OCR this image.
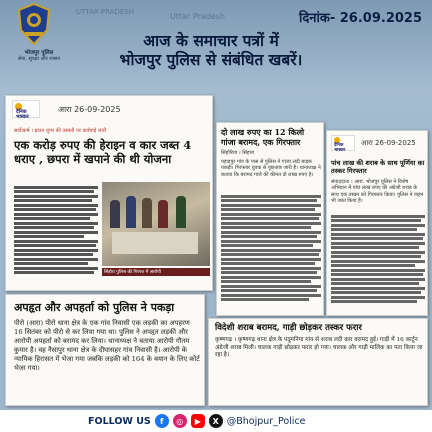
UTTAR PRADESH	Uttar Pradesh
भोजपुर पुलिस
सेवा, सुरक्षा और शासन
दिनांक- 26.09.2025
आज के समाचार पत्रों में
भोजपुर पुलिस से संबंधित खबरें।
दैनिक भास्कर
आरा 26-09-2025
सर्वोत्कर्ष । ब्राउन शुगर की तस्करी पर कार्रवाई जारी
एक करोड़ रुपए की हेराइन व कार जब्त 4 धराए , छपरा में खपाने की थी योजना
सिंहोरा पुलिस की गिरफ्त में आरोपी
दो लाख रुपए का 12 किलो गांजा बरामद, एक गिरफ्तार
सिंहोरिया । सिंहारा
पहाड़पुर गांव के पास से पुलिस ने गांजा लदी बाइक पकड़ी। गिरफ्तार युवक से पूछताछ जारी है। थानाध्यक्ष ने बताया कि बरामद गांजे की कीमत दो लाख रुपए है।
दैनिक भास्कर
आरा 26-09-2025
पांच लाख की शराब के साथ पूर्णिया का तस्कर गिरफ्तार
संवाददाता । आरा. भोजपुर पुलिस ने विशेष अभियान में पांच लाख रुपए की अंग्रेजी शराब के साथ एक तस्कर को गिरफ्तार किया। पुलिस ने वाहन भी जब्त किया है।
अपहृत और अपहर्ता को पुलिस ने पकड़ा
पीरो (आरा) पीरो थाना क्षेत्र के एक गांव निवासी एक लड़की का अपहरण 16 सितंबर को पीरो से कर लिया गया था। पुलिस ने अपहृत लड़की और आरोपी अपहर्ता को बरामद कर लिया। थानाध्यक्ष ने बताया आरोपी गौतम कुमार है। वह नैसापुर थाना क्षेत्र के दीघासहर गांव निवासी है। आरोपी के न्यायिक हिरासत में भेजा गया जबकि लड़की को 164 के बयान के लिए कोर्ट भेजा गया।
विदेशी शराब बरामद, गाड़ी छोड़कर तस्कर फरार
कृष्णगढ़ । कृष्णगढ़ थाना क्षेत्र के पदुमनिया गांव से शराब लदी कार बरामद हुई। गाड़ी में 16 कार्टून अंग्रेजी शराब मिली। चालक गाड़ी छोड़कर फरार हो गया। चालक और गाड़ी मालिक का पता किया जा रहा है।
FOLLOW US	f	◎	▶	X @Bhojpur_Police
